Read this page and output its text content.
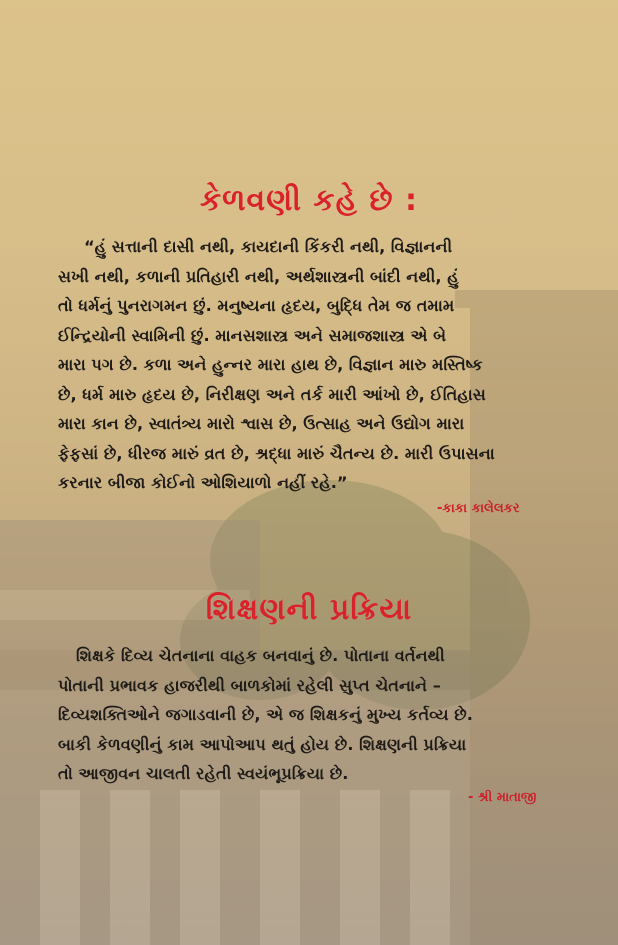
કેળવણી કહે છે :
“હું સત્તાની દાસી નથી, કાયદાની કિંકરી નથી, વિજ્ઞાનની
સખી નથી, કળાની પ્રતિહારી નથી, અર્થશાસ્ત્રની બાંદી નથી, હું
તો ધર્મનું પુનરાગમન છું. મનુષ્યના હૃદય, બુદ્ધિ તેમ જ તમામ
ઈન્દ્રિયોની સ્વામિની છું. માનસશાસ્ત્ર અને સમાજશાસ્ત્ર એ બે
મારા પગ છે. કળા અને હુન્નર મારા હાથ છે, વિજ્ઞાન મારુ મસ્તિષ્ક
છે, ધર્મ મારુ હૃદય છે, નિરીક્ષણ અને તર્ક મારી આંખો છે, ઈતિહાસ
મારા કાન છે, સ્વાતંત્ર્ય મારો શ્વાસ છે, ઉત્સાહ અને ઉદ્યોગ મારા
ફેફસાં છે, ધીરજ મારું વ્રત છે, શ્રદ્ધા મારું ચૈતન્ય છે. મારી ઉપાસના
કરનાર બીજા કોઈનો ઓશિયાળો નહીં રહે.”
-કાકા કાલેલકર
શિક્ષણની પ્રક્રિયા
શિક્ષકે દિવ્ય ચેતનાના વાહક બનવાનું છે. પોતાના વર્તનથી
પોતાની પ્રભાવક હાજરીથી બાળકોમાં રહેલી સુપ્ત ચેતનાને –
દિવ્યશક્તિઓને જગાડવાની છે, એ જ શિક્ષકનું મુખ્ય કર્તવ્ય છે.
બાકી કેળવણીનું કામ આપોઆપ થતું હોય છે. શિક્ષણની પ્રક્રિયા
તો આજીવન ચાલતી રહેતી સ્વયંભૂપ્રક્રિયા છે.
- શ્રી માતાજી
